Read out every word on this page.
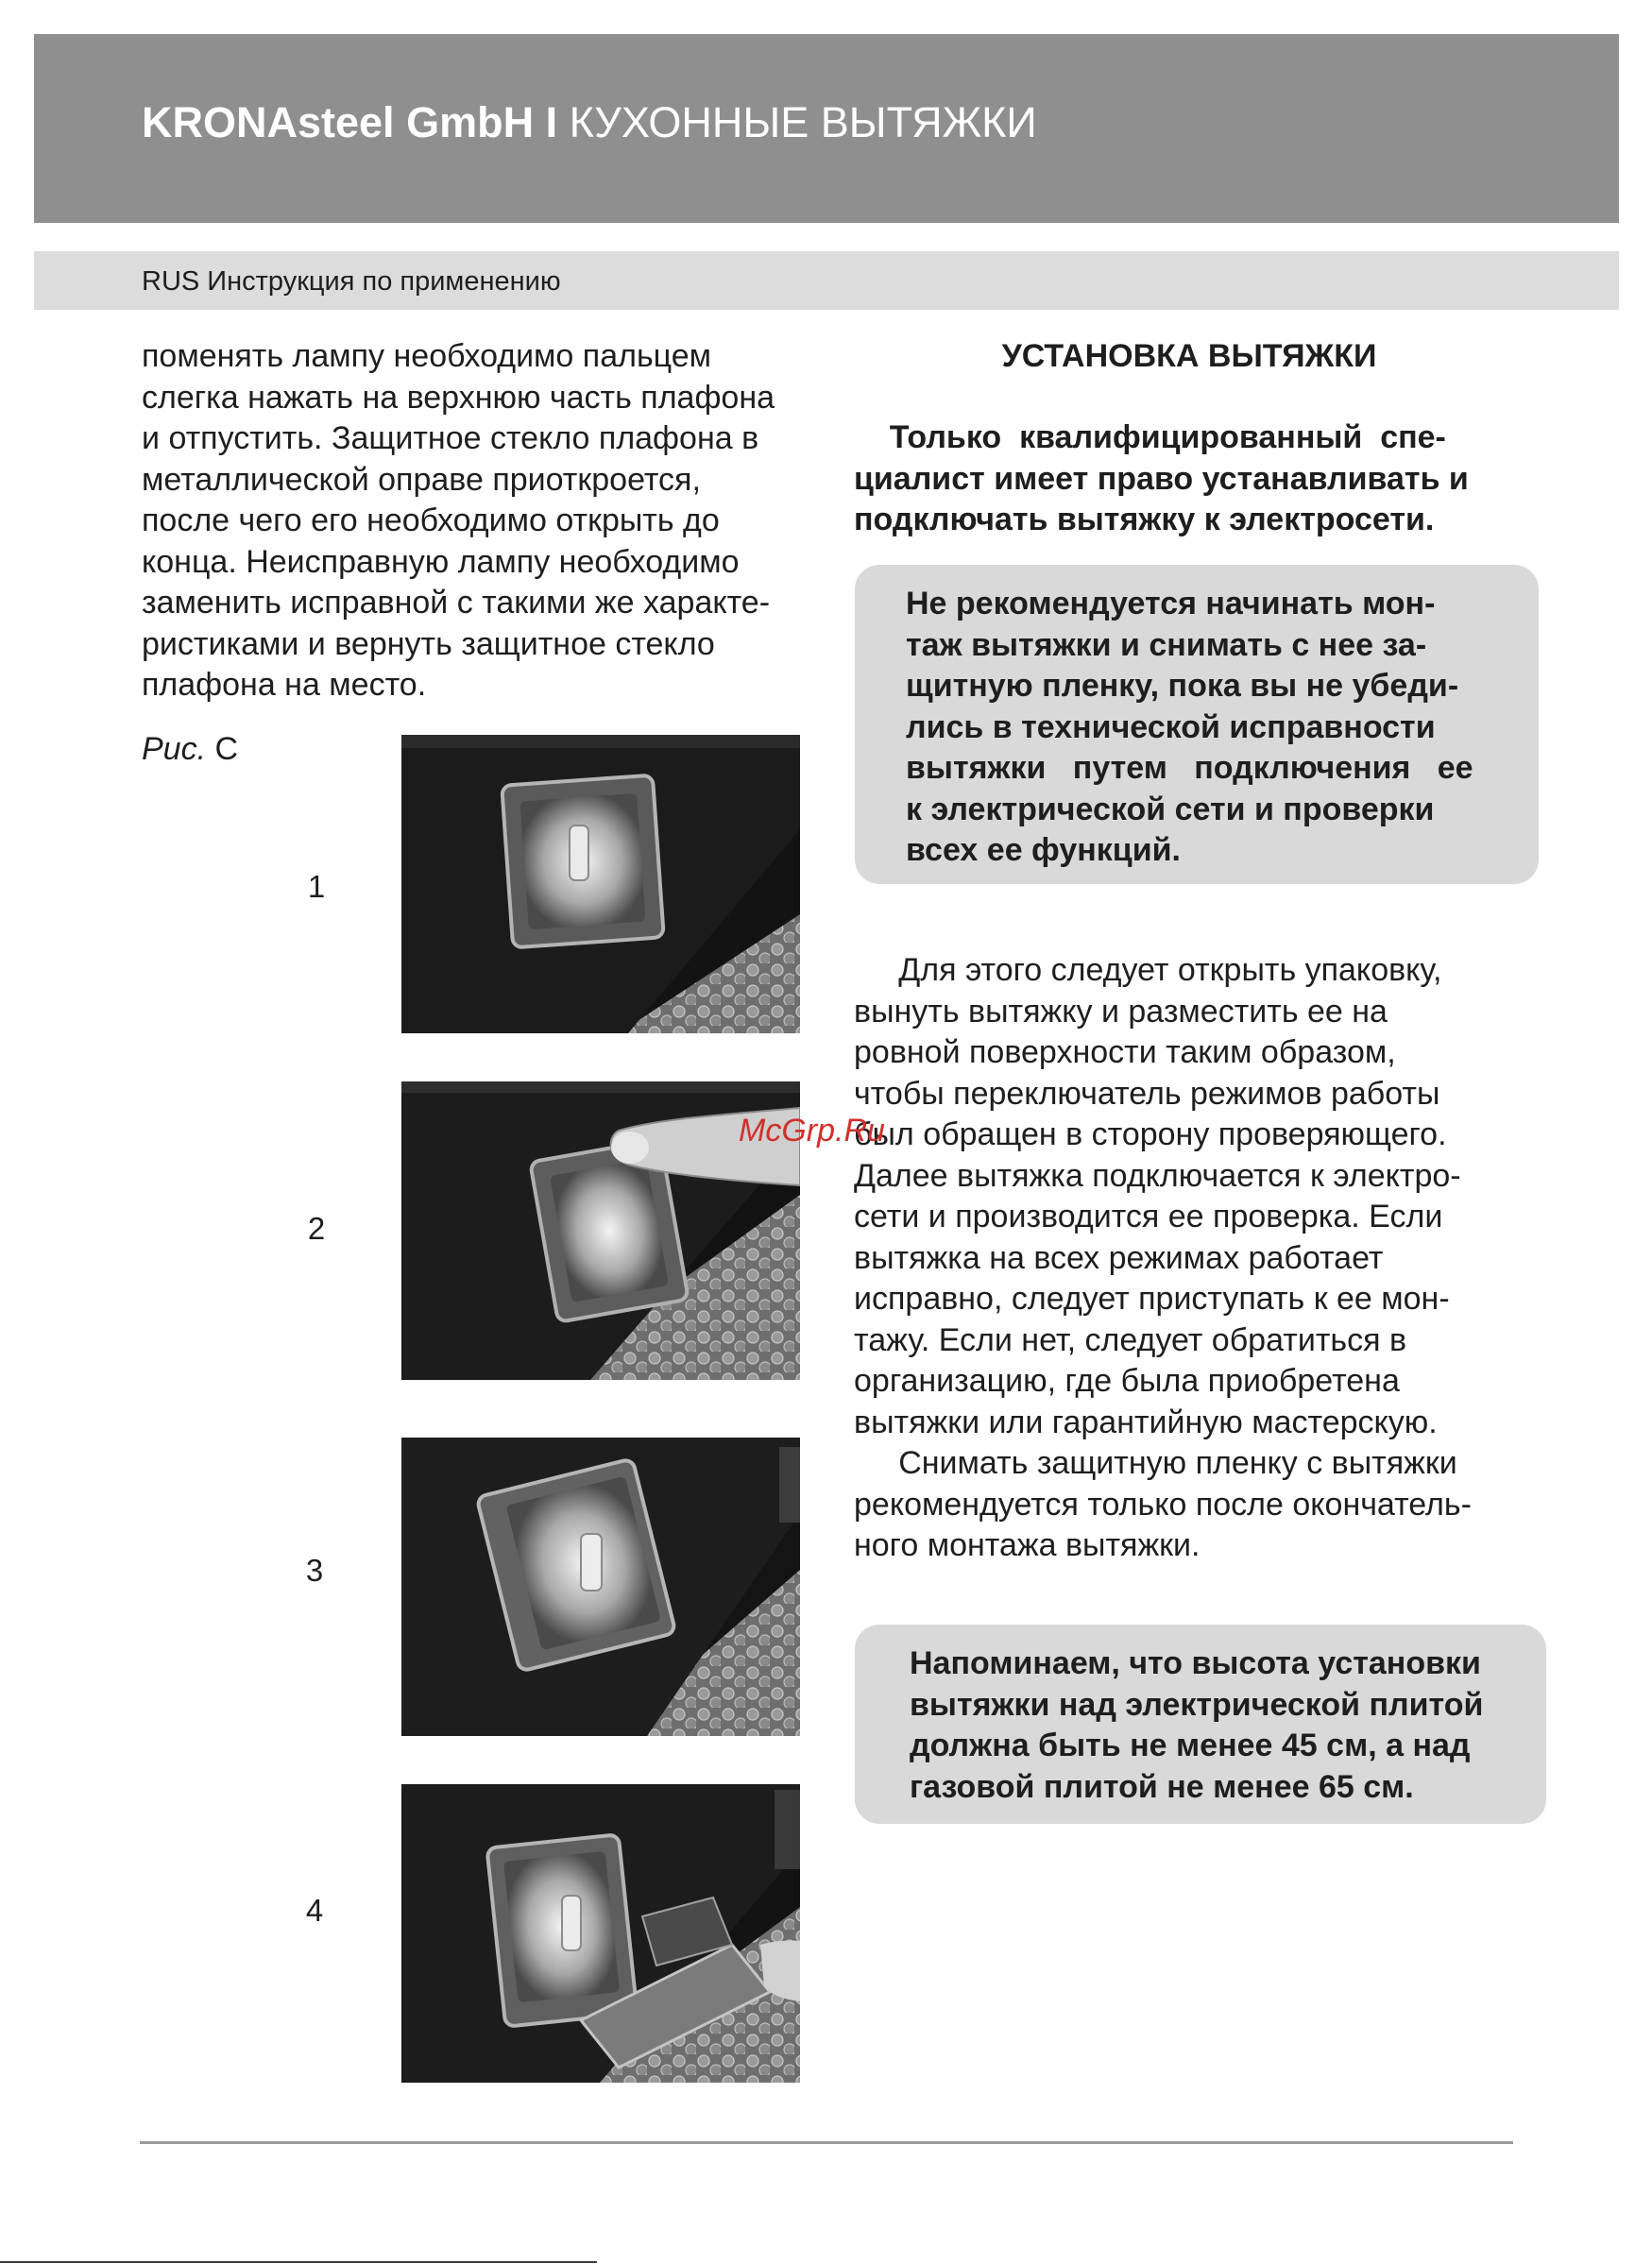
KRONAsteel GmbH I КУХОННЫЕ ВЫТЯЖКИ
RUS Инструкция по применению

поменять лампу необходимо пальцем

слегка нажать на верхнюю часть плафона

и отпустить. Защитное стекло плафона в

металлической оправе приоткроется,

после чего его необходимо открыть до

конца. Неисправную лампу необходимо

заменить исправной с такими же характе-

ристиками и вернуть защитное стекло

плафона на место.

Рис. С
1
2
3
4
УСТАНОВКА ВЫТЯЖКИ

Только  квалифицированный  спе-

циалист имеет право устанавливать и

подключать вытяжку к электросети.

Не рекомендуется начинать мон-

таж вытяжки и снимать с нее за-

щитную пленку, пока вы не убеди-

лись в технической исправности

вытяжки   путем   подключения   ее

к электрической сети и проверки

всех ее функций.

Для этого следует открыть упаковку,

вынуть вытяжку и разместить ее на

ровной поверхности таким образом,

чтобы переключатель режимов работы

был обращен в сторону проверяющего.

Далее вытяжка подключается к электро-

сети и производится ее проверка. Если

вытяжка на всех режимах работает

исправно, следует приступать к ее мон-

тажу. Если нет, следует обратиться в

организацию, где была приобретена

вытяжки или гарантийную мастерскую.

Снимать защитную пленку с вытяжки

рекомендуется только после окончатель-

ного монтажа вытяжки.

McGrp.Ru

Напоминаем, что высота установки

вытяжки над электрической плитой

должна быть не менее 45 см, а над

газовой плитой не менее 65 см.
